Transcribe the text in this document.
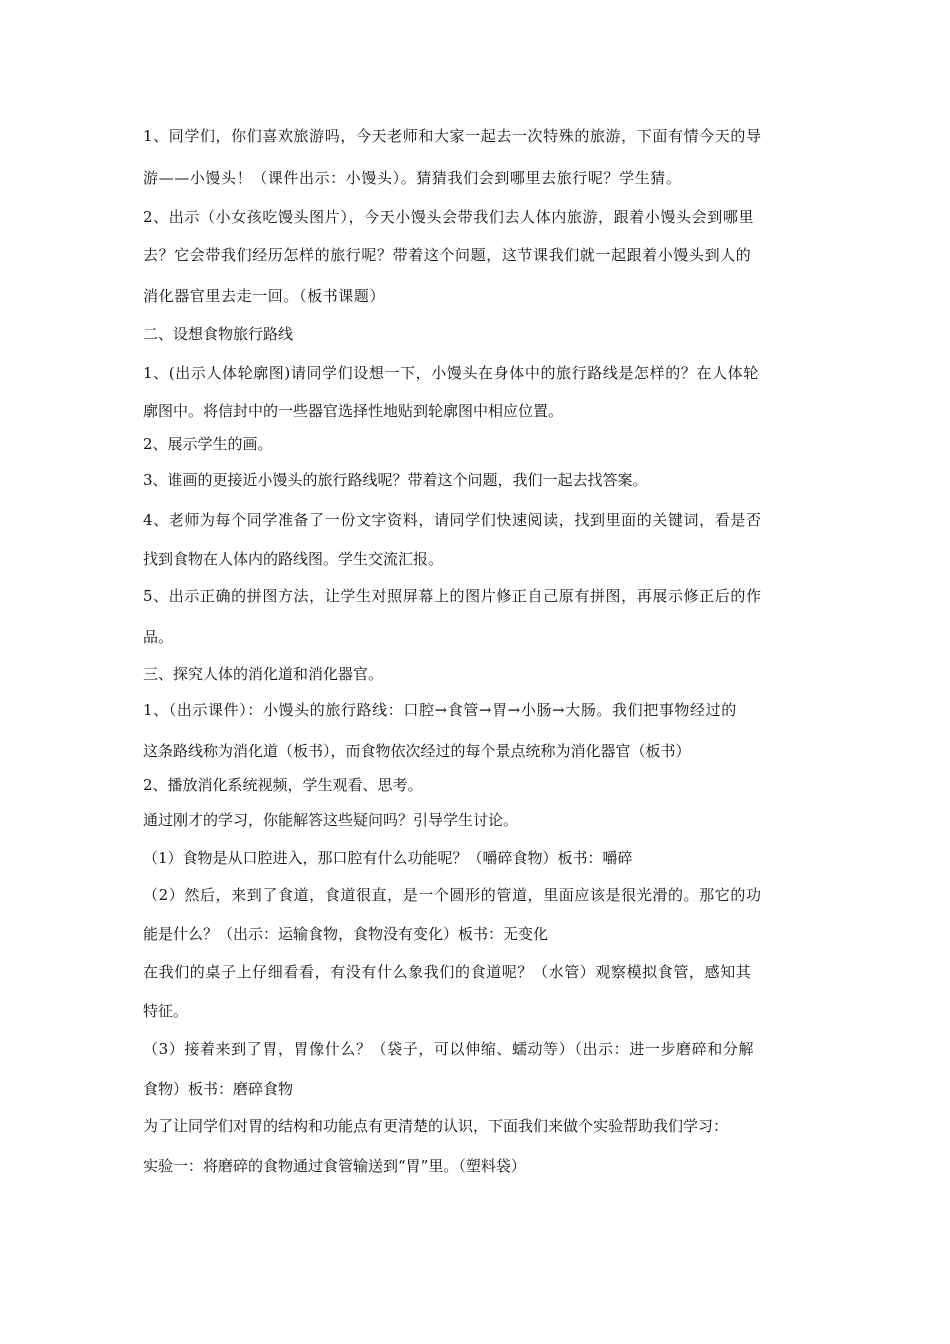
1、同学们，你们喜欢旅游吗，今天老师和大家一起去一次特殊的旅游，下面有情今天的导
游——小馒头！（课件出示：小馒头）。猜猜我们会到哪里去旅行呢？学生猜。
2、出示（小女孩吃馒头图片），今天小馒头会带我们去人体内旅游，跟着小馒头会到哪里
去？它会带我们经历怎样的旅行呢？带着这个问题，这节课我们就一起跟着小馒头到人的
消化器官里去走一回。（板书课题）
二、设想食物旅行路线
1、(出示人体轮廓图)请同学们设想一下，小馒头在身体中的旅行路线是怎样的？在人体轮
廓图中。将信封中的一些器官选择性地贴到轮廓图中相应位置。
2、展示学生的画。
3、谁画的更接近小馒头的旅行路线呢？带着这个问题，我们一起去找答案。
4、老师为每个同学准备了一份文字资料，请同学们快速阅读，找到里面的关键词，看是否
找到食物在人体内的路线图。学生交流汇报。
5、出示正确的拼图方法，让学生对照屏幕上的图片修正自己原有拼图，再展示修正后的作
品。
三、探究人体的消化道和消化器官。
1、（出示课件）：小馒头的旅行路线：口腔→食管→胃→小肠→大肠。我们把事物经过的
这条路线称为消化道（板书），而食物依次经过的每个景点统称为消化器官（板书）
2、播放消化系统视频，学生观看、思考。
通过刚才的学习，你能解答这些疑问吗？引导学生讨论。
（1）食物是从口腔进入，那口腔有什么功能呢？（嚼碎食物）板书：嚼碎
（2）然后，来到了食道，食道很直，是一个圆形的管道，里面应该是很光滑的。那它的功
能是什么？（出示：运输食物，食物没有变化）板书：无变化
在我们的桌子上仔细看看，有没有什么象我们的食道呢？（水管）观察模拟食管，感知其
特征。
（3）接着来到了胃，胃像什么？（袋子，可以伸缩、蠕动等）（出示：进一步磨碎和分解
食物）板书：磨碎食物
为了让同学们对胃的结构和功能点有更清楚的认识，下面我们来做个实验帮助我们学习：
实验一：将磨碎的食物通过食管输送到“胃”里。（塑料袋）
